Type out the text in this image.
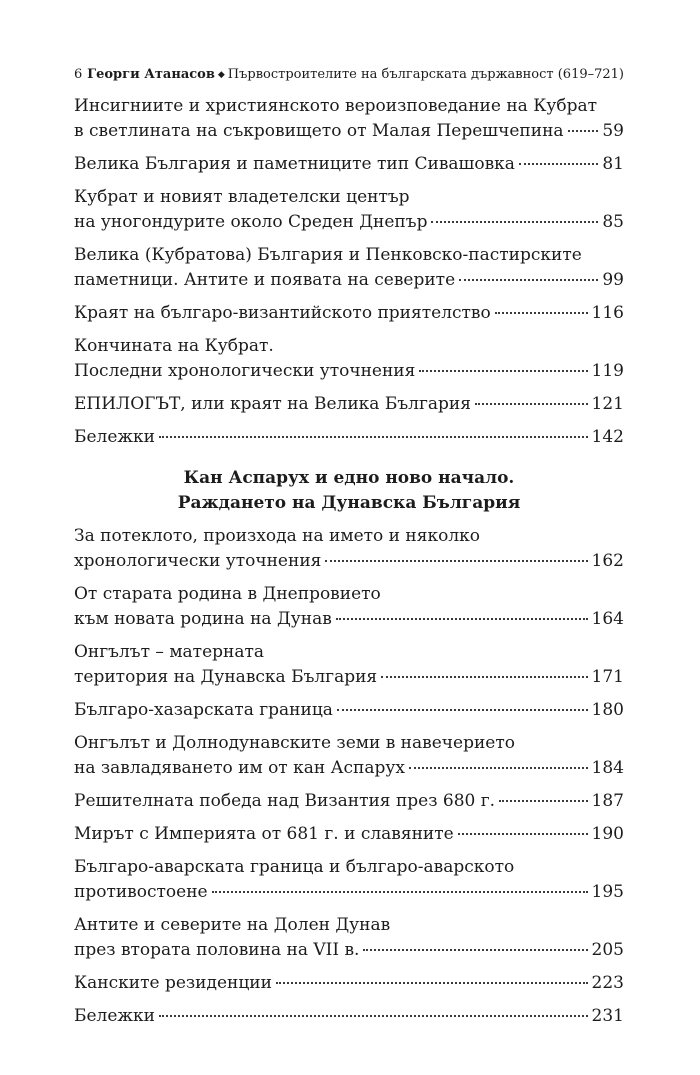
6 Георги Атанасов ◆ Първостроителите на българската държавност (619–721)
Инсигниите и християнското вероизповедание на Кубрат
в светлината на съкровището от Малая Перешчепина 59
Велика България и паметниците тип Сивашовка	81
Кубрат и новият владетелски център
на уногондурите около Среден Днепър	85
Велика (Кубратова) България и Пенковско-пастирските
паметници. Антите и появата на северите	99
Краят на българо-византийското приятелство	116
Кончината на Кубрат.
Последни хронологически уточнения	119
ЕПИЛОГЪТ, или краят на Велика България	121
Бележки	142
Кан Аспарух и едно ново начало.
Раждането на Дунавска България
За потеклото, произхода на името и няколко
хронологически уточнения	162
От старата родина в Днепровието
към новата родина на Дунав	164
Онгълът – матерната
територия на Дунавска България	171
Българо-хазарската граница	180
Онгълът и Долнодунавските земи в навечерието
на завладяването им от кан Аспарух	184
Решителната победа над Византия през 680 г.	187
Мирът с Империята от 681 г. и славяните	190
Българо-аварската граница и българо-аварското
противостоене	195
Антите и северите на Долен Дунав
през втората половина на VII в.	205
Канските резиденции	223
Бележки	231
